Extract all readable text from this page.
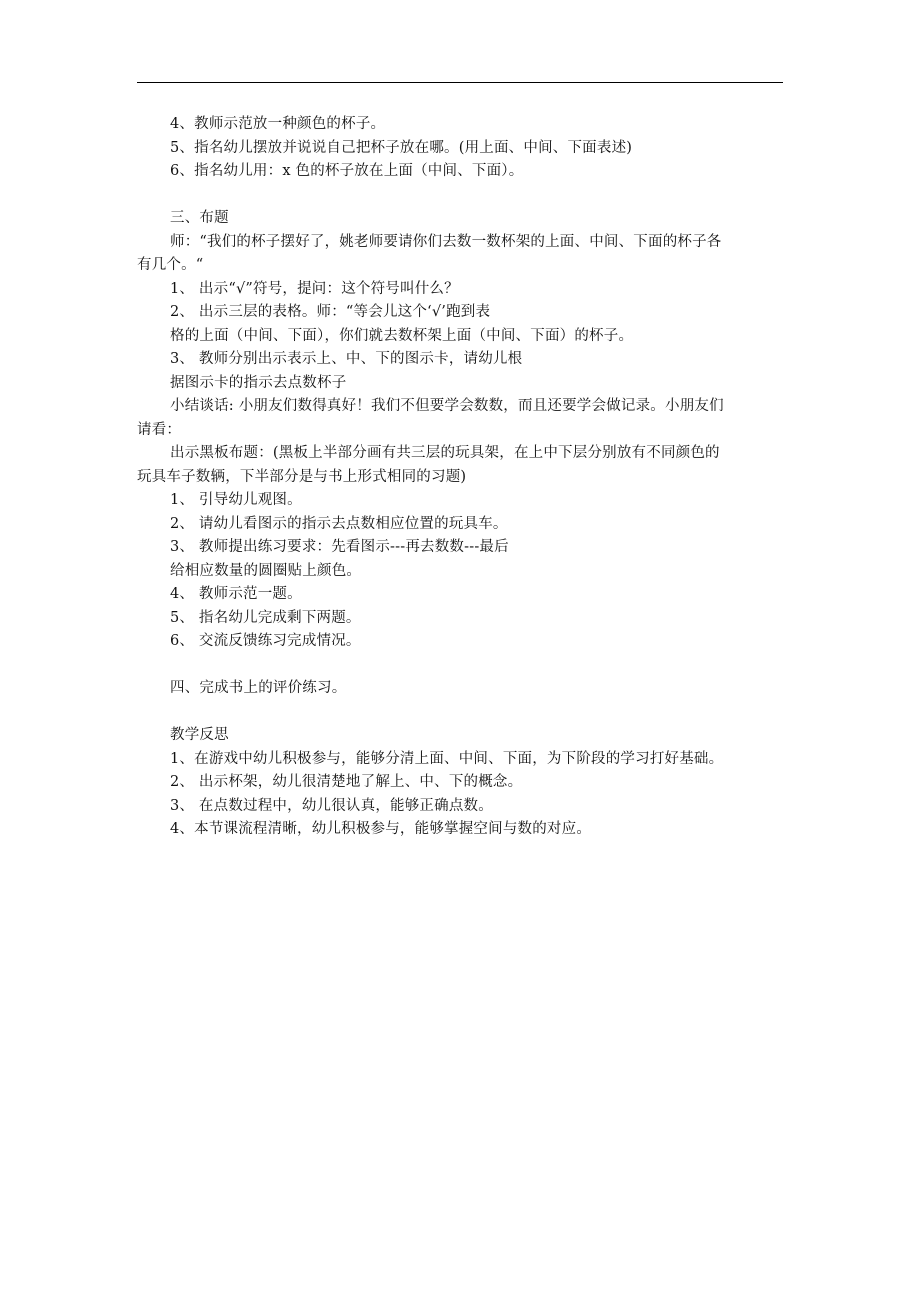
4、教师示范放一种颜色的杯子。
5、指名幼儿摆放并说说自己把杯子放在哪。(用上面、中间、下面表述)
6、指名幼儿用：x 色的杯子放在上面（中间、下面）。
三、布题
师：“我们的杯子摆好了，姚老师要请你们去数一数杯架的上面、中间、下面的杯子各
有几个。“
1、 出示“√”符号，提问：这个符号叫什么？
2、 出示三层的表格。师：“等会儿这个‘√’跑到表
格的上面（中间、下面），你们就去数杯架上面（中间、下面）的杯子。
3、 教师分别出示表示上、中、下的图示卡，请幼儿根
据图示卡的指示去点数杯子
小结谈话: 小朋友们数得真好！我们不但要学会数数，而且还要学会做记录。小朋友们
请看：
出示黑板布题：(黑板上半部分画有共三层的玩具架，在上中下层分别放有不同颜色的
玩具车子数辆，下半部分是与书上形式相同的习题)
1、 引导幼儿观图。
2、 请幼儿看图示的指示去点数相应位置的玩具车。
3、 教师提出练习要求：先看图示---再去数数---最后
给相应数量的圆圈贴上颜色。
4、 教师示范一题。
5、 指名幼儿完成剩下两题。
6、 交流反馈练习完成情况。
四、完成书上的评价练习。
教学反思
1、在游戏中幼儿积极参与，能够分清上面、中间、下面，为下阶段的学习打好基础。
2、 出示杯架，幼儿很清楚地了解上、中、下的概念。
3、 在点数过程中，幼儿很认真，能够正确点数。
4、本节课流程清晰，幼儿积极参与，能够掌握空间与数的对应。
